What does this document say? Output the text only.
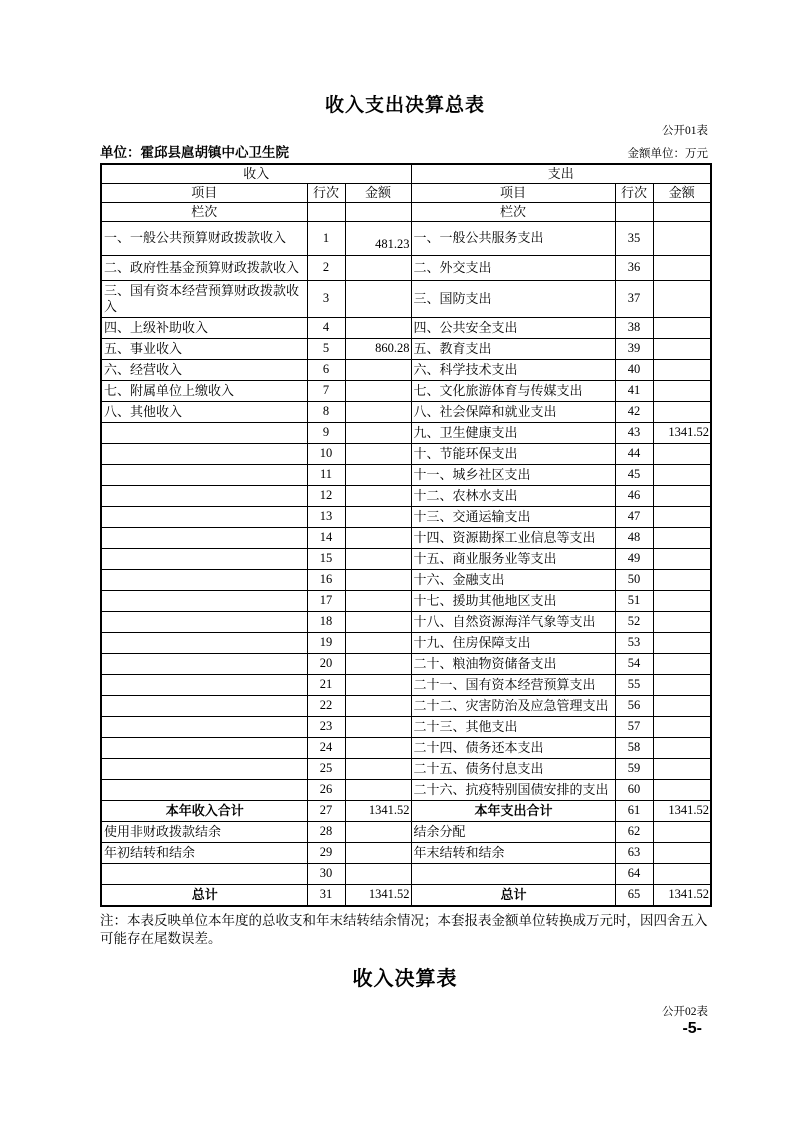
收入支出决算总表
公开01表
单位：霍邱县扈胡镇中心卫生院	金额单位：万元
收入			支出		
项目	行次	金额	项目	行次	金额
栏次			栏次		
一、一般公共预算财政拨款收入	1	481.23	一、一般公共服务支出	35	
二、政府性基金预算财政拨款收入	2		二、外交支出	36	
三、国有资本经营预算财政拨款收入	3		三、国防支出	37	
四、上级补助收入	4		四、公共安全支出	38	
五、事业收入	5	860.28	五、教育支出	39	
六、经营收入	6		六、科学技术支出	40	
七、附属单位上缴收入	7		七、文化旅游体育与传媒支出	41	
八、其他收入	8		八、社会保障和就业支出	42	
	9		九、卫生健康支出	43	1341.52
	10		十、节能环保支出	44	
	11		十一、城乡社区支出	45	
	12		十二、农林水支出	46	
	13		十三、交通运输支出	47	
	14		十四、资源勘探工业信息等支出	48	
	15		十五、商业服务业等支出	49	
	16		十六、金融支出	50	
	17		十七、援助其他地区支出	51	
	18		十八、自然资源海洋气象等支出	52	
	19		十九、住房保障支出	53	
	20		二十、粮油物资储备支出	54	
	21		二十一、国有资本经营预算支出	55	
	22		二十二、灾害防治及应急管理支出	56	
	23		二十三、其他支出	57	
	24		二十四、债务还本支出	58	
	25		二十五、债务付息支出	59	
	26		二十六、抗疫特别国债安排的支出	60	
本年收入合计	27	1341.52	本年支出合计	61	1341.52
使用非财政拨款结余	28		结余分配	62	
年初结转和结余	29		年末结转和结余	63	
	30			64	
总计	31	1341.52	总计	65	1341.52
注：本表反映单位本年度的总收支和年末结转结余情况；本套报表金额单位转换成万元时，因四舍五入可能存在尾数误差。
收入决算表
公开02表
-5-
